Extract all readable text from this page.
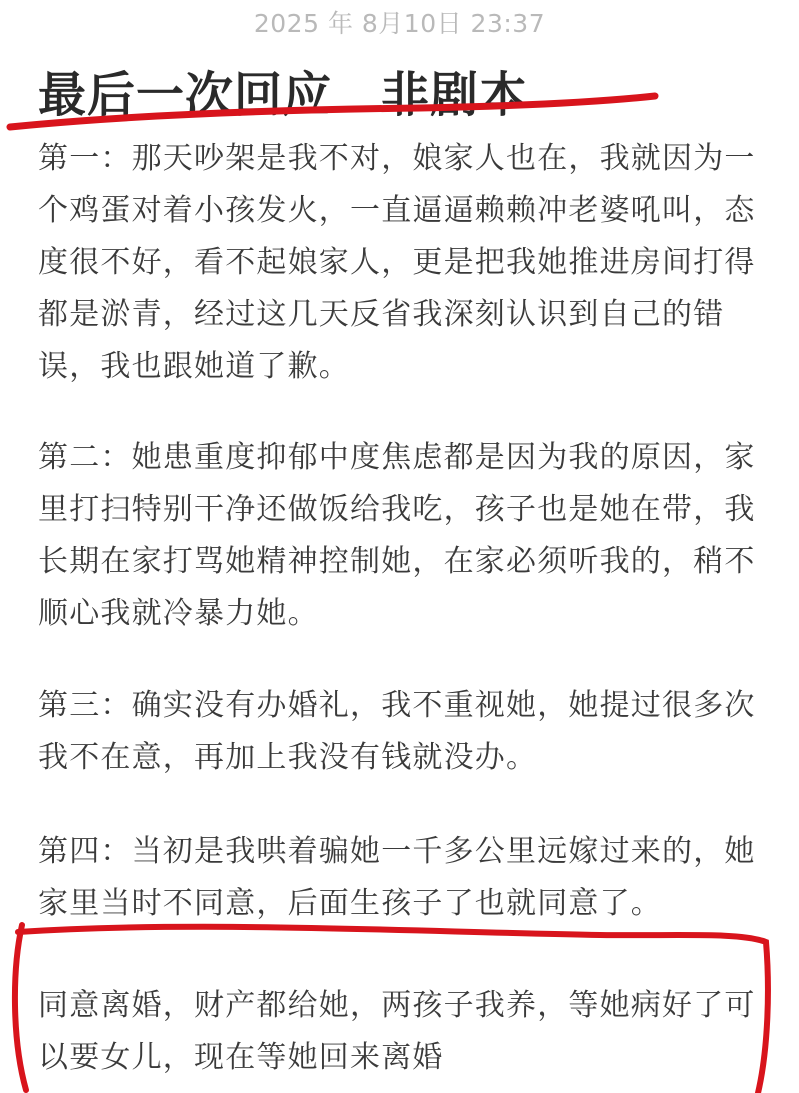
2025 年 8月10日 23:37
最后一次回应　非剧本
第一：那天吵架是我不对，娘家人也在，我就因为一个鸡蛋对着小孩发火，一直逼逼赖赖冲老婆吼叫，态度很不好，看不起娘家人，更是把我她推进房间打得都是淤青，经过这几天反省我深刻认识到自己的错误，我也跟她道了歉。
第二：她患重度抑郁中度焦虑都是因为我的原因，家里打扫特别干净还做饭给我吃，孩子也是她在带，我长期在家打骂她精神控制她，在家必须听我的，稍不顺心我就冷暴力她。
第三：确实没有办婚礼，我不重视她，她提过很多次我不在意，再加上我没有钱就没办。
第四：当初是我哄着骗她一千多公里远嫁过来的，她家里当时不同意，后面生孩子了也就同意了。
同意离婚，财产都给她，两孩子我养，等她病好了可以要女儿，现在等她回来离婚
